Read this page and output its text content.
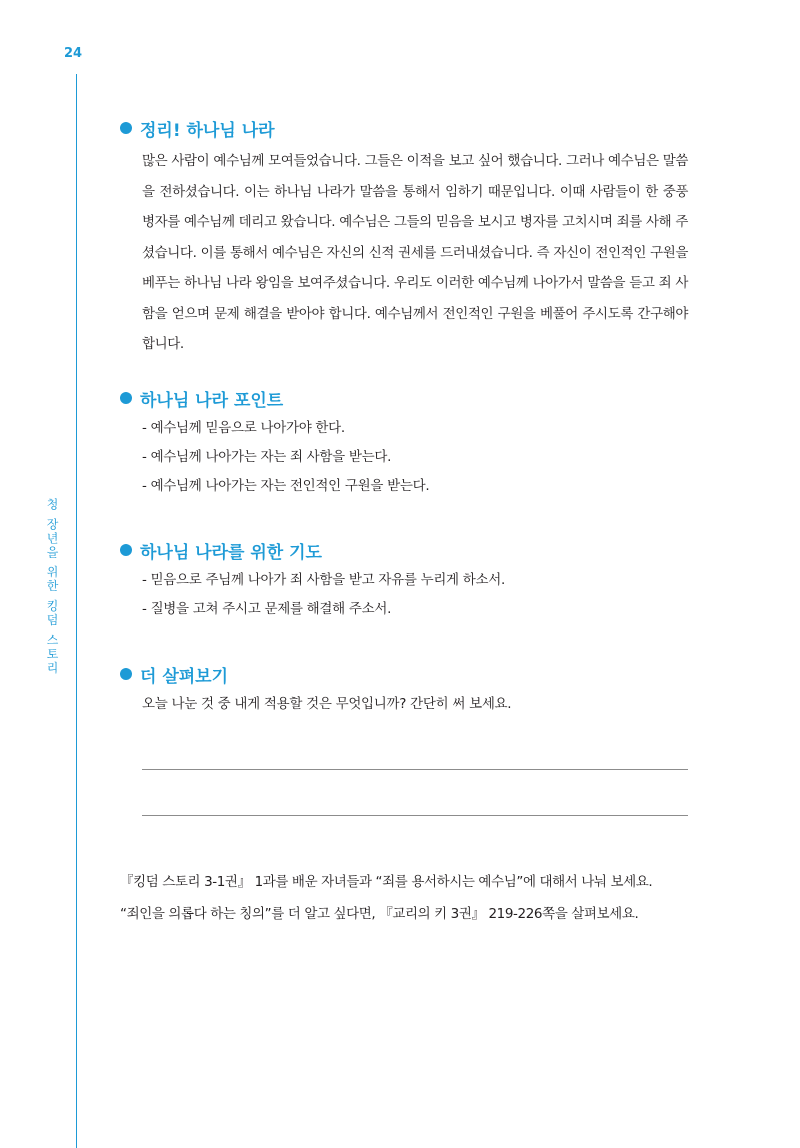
24
청 장년을 위한 킹덤 스토리
정리! 하나님 나라

많은 사람이 예수님께 모여들었습니다. 그들은 이적을 보고 싶어 했습니다. 그러나 예수님은 말씀을 전하셨습니다. 이는 하나님 나라가 말씀을 통해서 임하기 때문입니다. 이때 사람들이 한 중풍병자를 예수님께 데리고 왔습니다. 예수님은 그들의 믿음을 보시고 병자를 고치시며 죄를 사해 주셨습니다. 이를 통해서 예수님은 자신의 신적 권세를 드러내셨습니다. 즉 자신이 전인적인 구원을 베푸는 하나님 나라 왕임을 보여주셨습니다. 우리도 이러한 예수님께 나아가서 말씀을 듣고 죄 사함을 얻으며 문제 해결을 받아야 합니다. 예수님께서 전인적인 구원을 베풀어 주시도록 간구해야 합니다.

하나님 나라 포인트
- 예수님께 믿음으로 나아가야 한다.
- 예수님께 나아가는 자는 죄 사함을 받는다.
- 예수님께 나아가는 자는 전인적인 구원을 받는다.
하나님 나라를 위한 기도
- 믿음으로 주님께 나아가 죄 사함을 받고 자유를 누리게 하소서.
- 질병을 고쳐 주시고 문제를 해결해 주소서.
더 살펴보기
오늘 나눈 것 중 내게 적용할 것은 무엇입니까? 간단히 써 보세요.
『킹덤 스토리 3-1권』 1과를 배운 자녀들과 “죄를 용서하시는 예수님”에 대해서 나눠 보세요.
“죄인을 의롭다 하는 칭의”를 더 알고 싶다면, 『교리의 키 3권』 219-226쪽을 살펴보세요.
